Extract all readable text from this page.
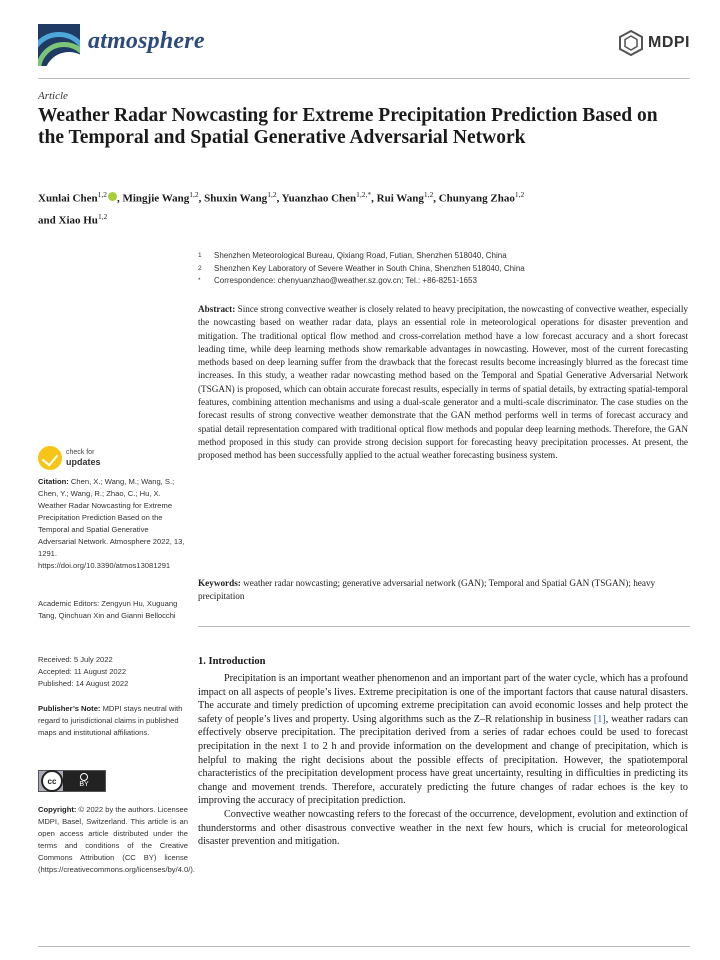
atmosphere	MDPI
Article
Weather Radar Nowcasting for Extreme Precipitation Prediction Based on the Temporal and Spatial Generative Adversarial Network
Xunlai Chen$^{1,2}$ , Mingjie Wang$^{1,2}$, Shuxin Wang$^{1,2}$, Yuanzhao Chen$^{1,2,*}$, Rui Wang$^{1,2}$, Chunyang Zhao$^{1,2}$
and Xiao Hu$^{1,2}$
1	Shenzhen Meteorological Bureau, Qixiang Road, Futian, Shenzhen 518040, China
2	Shenzhen Key Laboratory of Severe Weather in South China, Shenzhen 518040, China
*	Correspondence: chenyuanzhao@weather.sz.gov.cn; Tel.: +86-8251-1653
Abstract: Since strong convective weather is closely related to heavy precipitation, the nowcasting of convective weather, especially the nowcasting based on weather radar data, plays an essential role in meteorological operations for disaster prevention and mitigation. The traditional optical flow method and cross-correlation method have a low forecast accuracy and a short forecast leading time, while deep learning methods show remarkable advantages in nowcasting. However, most of the current forecasting methods based on deep learning suffer from the drawback that the forecast results become increasingly blurred as the forecast time increases. In this study, a weather radar nowcasting method based on the Temporal and Spatial Generative Adversarial Network (TSGAN) is proposed, which can obtain accurate forecast results, especially in terms of spatial details, by extracting spatial-temporal features, combining attention mechanisms and using a dual-scale generator and a multi-scale discriminator. The case studies on the forecast results of strong convective weather demonstrate that the GAN method performs well in terms of forecast accuracy and spatial detail representation compared with traditional optical flow methods and popular deep learning methods. Therefore, the GAN method proposed in this study can provide strong decision support for forecasting heavy precipitation processes. At present, the proposed method has been successfully applied to the actual weather forecasting business system.
Keywords: weather radar nowcasting; generative adversarial network (GAN); Temporal and Spatial GAN (TSGAN); heavy precipitation
1. Introduction

Precipitation is an important weather phenomenon and an important part of the water cycle, which has a profound impact on all aspects of people’s lives. Extreme precipitation is one of the important factors that cause natural disasters. The accurate and timely prediction of upcoming extreme precipitation can avoid economic losses and help protect the safety of people’s lives and property. Using algorithms such as the Z–R relationship in business [1], weather radars can effectively observe precipitation. The precipitation derived from a series of radar echoes could be used to forecast precipitation in the next 1 to 2 h and provide information on the development and change of precipitation, which is helpful to making the right decisions about the possible effects of precipitation. However, the spatiotemporal characteristics of the precipitation development process have great uncertainty, resulting in difficulties in predicting its change and movement trends. Therefore, accurately predicting the future changes of radar echoes is the key to improving the accuracy of precipitation prediction.

Convective weather nowcasting refers to the forecast of the occurrence, development, evolution and extinction of thunderstorms and other disastrous convective weather in the next few hours, which is crucial for meteorological disaster prevention and mitigation.

check for
updates
Citation: Chen, X.; Wang, M.; Wang, S.; Chen, Y.; Wang, R.; Zhao, C.; Hu, X. Weather Radar Nowcasting for Extreme Precipitation Prediction Based on the Temporal and Spatial Generative Adversarial Network. Atmosphere 2022, 13, 1291. https://doi.org/10.3390/atmos13081291
Academic Editors: Zengyun Hu, Xuguang Tang, Qinchuan Xin and Gianni Bellocchi
Received: 5 July 2022
Accepted: 11 August 2022
Published: 14 August 2022
Publisher’s Note: MDPI stays neutral with regard to jurisdictional claims in published maps and institutional affiliations.
cc	BY
Copyright: © 2022 by the authors. Licensee MDPI, Basel, Switzerland. This article is an open access article distributed under the terms and conditions of the Creative Commons Attribution (CC BY) license (https://creativecommons.org/licenses/by/4.0/).
